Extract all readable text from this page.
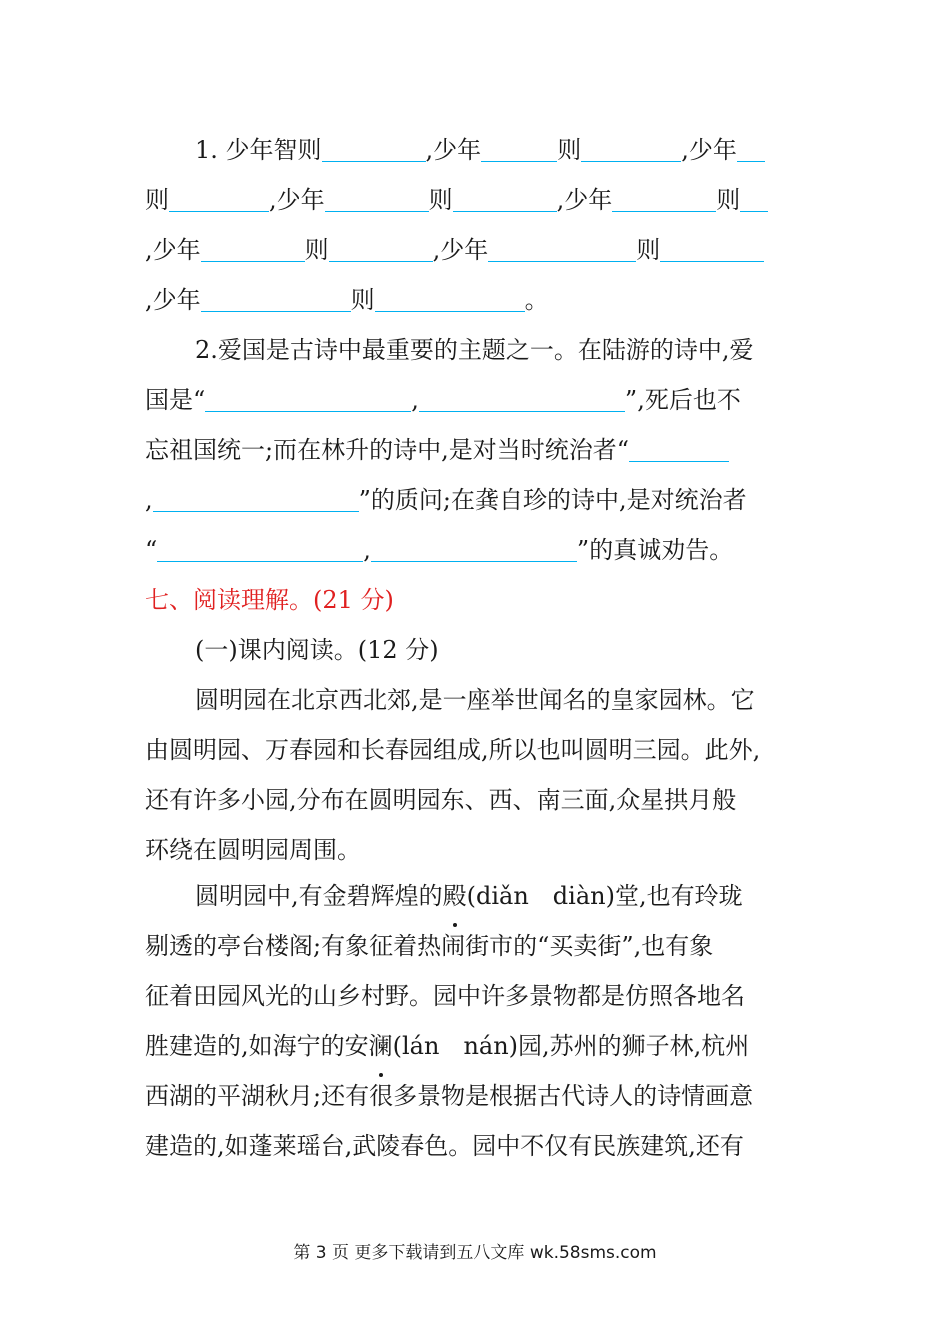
1. 少年智则	,少年	则	,少年
则	,少年	则	,少年	则
,少年	则	,少年	则
,少年	则	。
2.爱国是古诗中最重要的主题之一。在陆游的诗中,爱
国是“	,	”,死后也不
忘祖国统一;而在林升的诗中,是对当时统治者“
,	”的质问;在龚自珍的诗中,是对统治者
“	,	”的真诚劝告。
七、阅读理解。(21 分)
(一)课内阅读。(12 分)
圆明园在北京西北郊,是一座举世闻名的皇家园林。它
由圆明园、万春园和长春园组成,所以也叫圆明三园。此外,
还有许多小园,分布在圆明园东、西、南三面,众星拱月般
环绕在圆明园周围。
圆明园中,有金碧辉煌的殿(diǎn　diàn)堂,也有玲珑
剔透的亭台楼阁;有象征着热闹街市的“买卖街”,也有象
征着田园风光的山乡村野。园中许多景物都是仿照各地名
胜建造的,如海宁的安澜(lán　nán)园,苏州的狮子林,杭州
西湖的平湖秋月;还有很多景物是根据古代诗人的诗情画意
建造的,如蓬莱瑶台,武陵春色。园中不仅有民族建筑,还有
第 3 页 更多下载请到五八文库 wk.58sms.com
